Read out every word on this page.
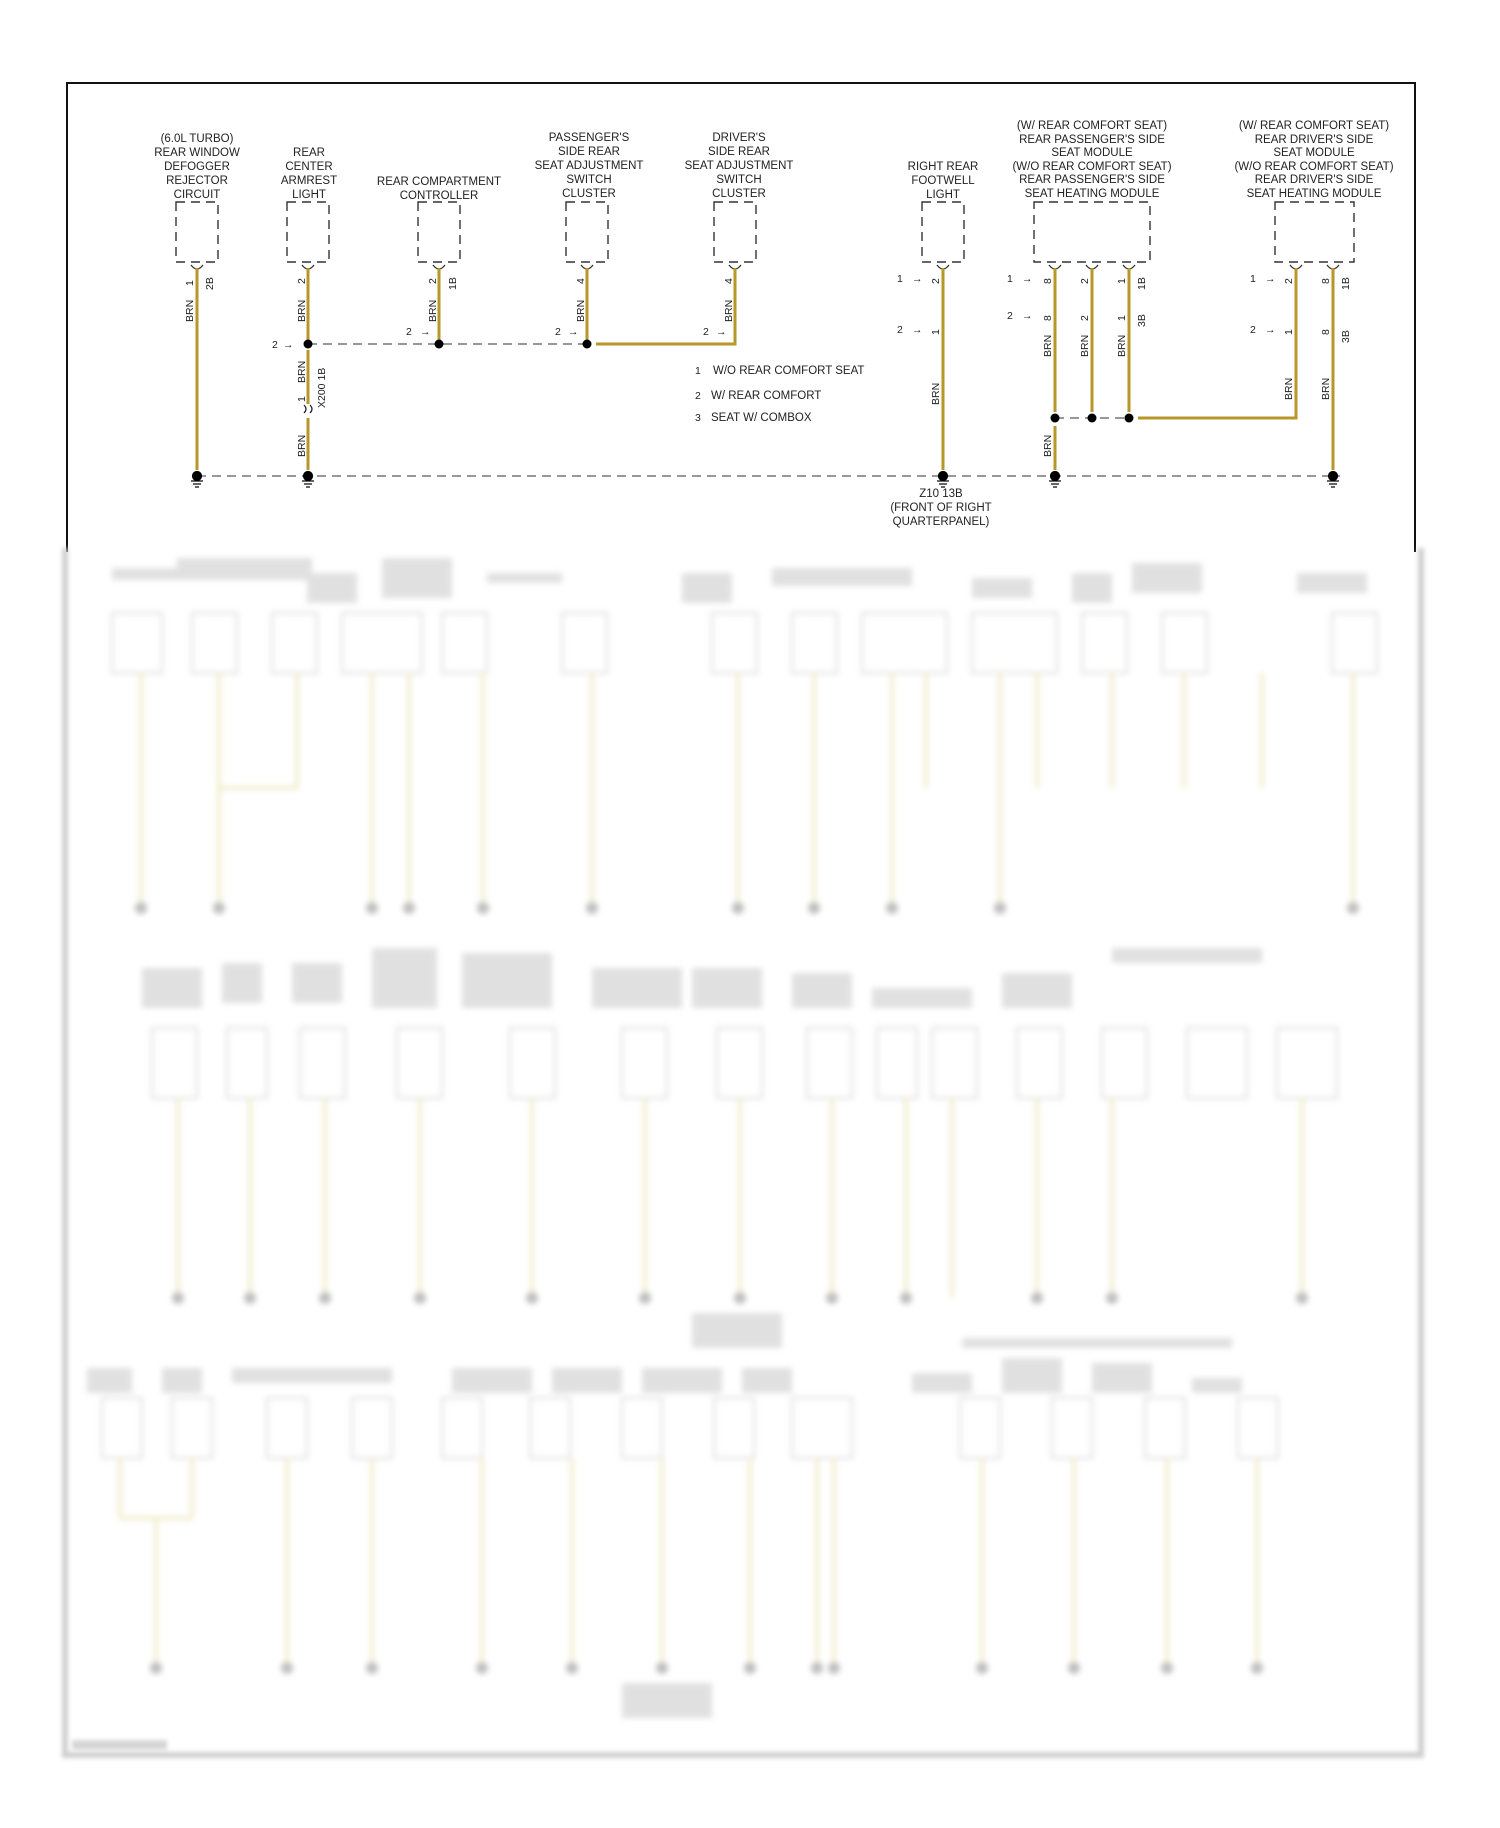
(6.0L TURBO)
REAR WINDOW
DEFOGGER
REJECTOR
CIRCUIT
REAR
CENTER
ARMREST
LIGHT
REAR COMPARTMENT
CONTROLLER
PASSENGER'S
SIDE REAR
SEAT ADJUSTMENT
SWITCH
CLUSTER
DRIVER'S
SIDE REAR
SEAT ADJUSTMENT
SWITCH
CLUSTER
RIGHT REAR
FOOTWELL
LIGHT
(W/ REAR COMFORT SEAT)
REAR PASSENGER'S SIDE
SEAT MODULE
(W/O REAR COMFORT SEAT)
REAR PASSENGER'S SIDE
SEAT HEATING MODULE
(W/ REAR COMFORT SEAT)
REAR DRIVER'S SIDE
SEAT MODULE
(W/O REAR COMFORT SEAT)
REAR DRIVER'S SIDE
SEAT HEATING MODULE
BRN
1 2B
BRN
2
BRN
1 X200 1B
BRN
BRN
2 1B
BRN
4
BRN
4
BRN
2
1
BRN
8
8
BRN
BRN
2
2
BRN
1
1
1B
3B
BRN
2
1
BRN
8
8
1B
3B
2 →
2 →	2 →	2 →
1 →
2 →
1 →
2 →
1 →
2 →
1 W/O REAR COMFORT SEAT
2 W/ REAR COMFORT
3 SEAT W/ COMBOX
Z10 13B
(FRONT OF RIGHT
QUARTERPANEL)
